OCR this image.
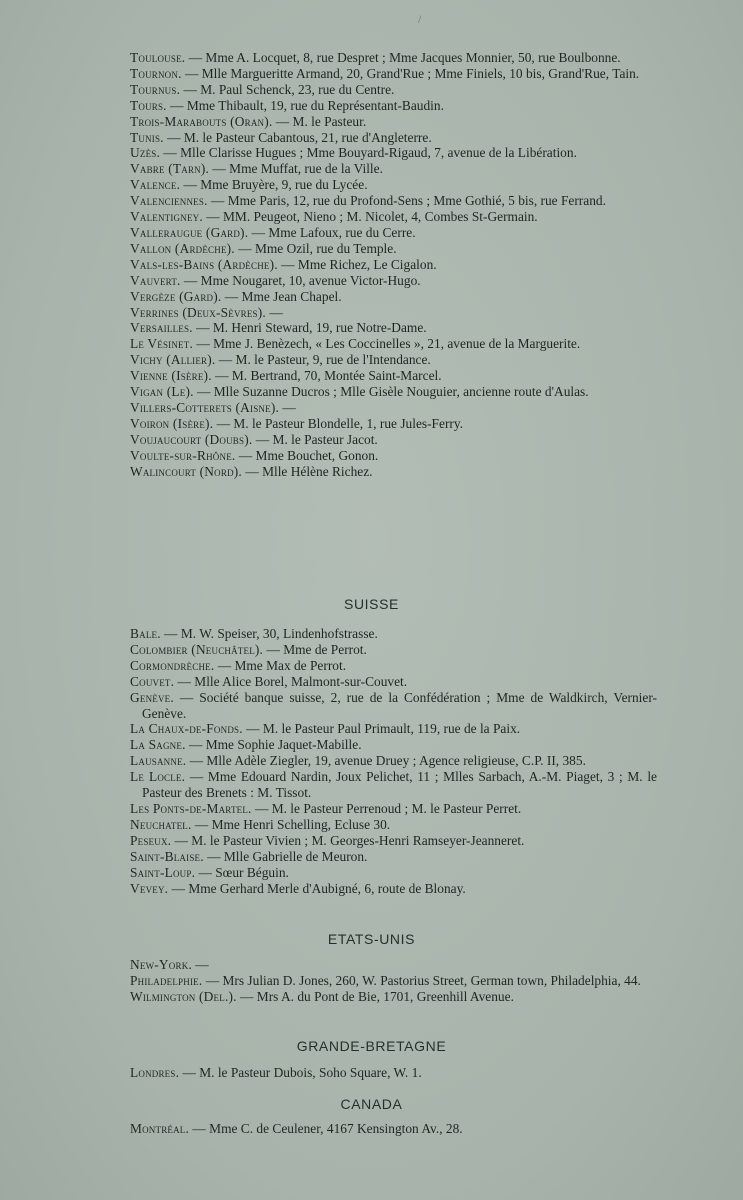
/
Toulouse. — Mme A. Locquet, 8, rue Despret ; Mme Jacques Monnier, 50, rue Boulbonne.
Tournon. — Mlle Margueritte Armand, 20, Grand'Rue ; Mme Finiels, 10 bis, Grand'Rue, Tain.
Tournus. — M. Paul Schenck, 23, rue du Centre.
Tours. — Mme Thibault, 19, rue du Représentant-Baudin.
Trois-Marabouts (Oran). — M. le Pasteur.
Tunis. — M. le Pasteur Cabantous, 21, rue d'Angleterre.
Uzès. — Mlle Clarisse Hugues ; Mme Bouyard-Rigaud, 7, avenue de la Libération.
Vabre (Tarn). — Mme Muffat, rue de la Ville.
Valence. — Mme Bruyère, 9, rue du Lycée.
Valenciennes. — Mme Paris, 12, rue du Profond-Sens ; Mme Gothié, 5 bis, rue Ferrand.
Valentigney. — MM. Peugeot, Nieno ; M. Nicolet, 4, Combes St-Germain.
Valleraugue (Gard). — Mme Lafoux, rue du Cerre.
Vallon (Ardèche). — Mme Ozil, rue du Temple.
Vals-les-Bains (Ardèche). — Mme Richez, Le Cigalon.
Vauvert. — Mme Nougaret, 10, avenue Victor-Hugo.
Vergèze (Gard). — Mme Jean Chapel.
Verrines (Deux-Sèvres). —
Versailles. — M. Henri Steward, 19, rue Notre-Dame.
Le Vésinet. — Mme J. Benèzech, « Les Coccinelles », 21, avenue de la Marguerite.
Vichy (Allier). — M. le Pasteur, 9, rue de l'Intendance.
Vienne (Isère). — M. Bertrand, 70, Montée Saint-Marcel.
Vigan (Le). — Mlle Suzanne Ducros ; Mlle Gisèle Nouguier, ancienne route d'Aulas.
Villers-Cotterets (Aisne). —
Voiron (Isère). — M. le Pasteur Blondelle, 1, rue Jules-Ferry.
Voujaucourt (Doubs). — M. le Pasteur Jacot.
Voulte-sur-Rhône. — Mme Bouchet, Gonon.
Walincourt (Nord). — Mlle Hélène Richez.
SUISSE
Bale. — M. W. Speiser, 30, Lindenhofstrasse.
Colombier (Neuchâtel). — Mme de Perrot.
Cormondrèche. — Mme Max de Perrot.
Couvet. — Mlle Alice Borel, Malmont-sur-Couvet.
Genève. — Société banque suisse, 2, rue de la Confédération ; Mme de Waldkirch, Vernier-Genève.
La Chaux-de-Fonds. — M. le Pasteur Paul Primault, 119, rue de la Paix.
La Sagne. — Mme Sophie Jaquet-Mabille.
Lausanne. — Mlle Adèle Ziegler, 19, avenue Druey ; Agence religieuse, C.P. II, 385.
Le Locle. — Mme Edouard Nardin, Joux Pelichet, 11 ; Mlles Sarbach, A.-M. Piaget, 3 ; M. le Pasteur des Brenets : M. Tissot.
Les Ponts-de-Martel. — M. le Pasteur Perrenoud ; M. le Pasteur Perret.
Neuchatel. — Mme Henri Schelling, Ecluse 30.
Peseux. — M. le Pasteur Vivien ; M. Georges-Henri Ramseyer-Jeanneret.
Saint-Blaise. — Mlle Gabrielle de Meuron.
Saint-Loup. — Sœur Béguin.
Vevey. — Mme Gerhard Merle d'Aubigné, 6, route de Blonay.
ETATS-UNIS
New-York. —
Philadelphie. — Mrs Julian D. Jones, 260, W. Pastorius Street, German town, Philadelphia, 44.
Wilmington (Del.). — Mrs A. du Pont de Bie, 1701, Greenhill Avenue.
GRANDE-BRETAGNE
Londres. — M. le Pasteur Dubois, Soho Square, W. 1.
CANADA
Montréal. — Mme C. de Ceulener, 4167 Kensington Av., 28.
